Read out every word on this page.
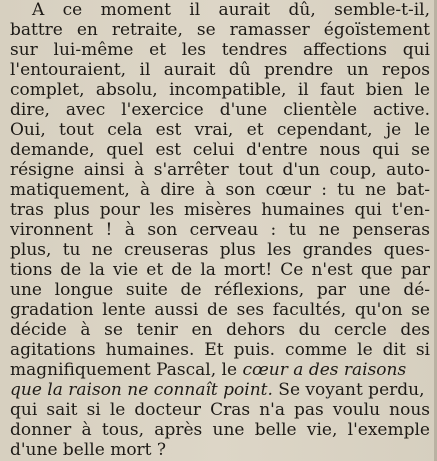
A ce moment il aurait dû, semble-t-il,
battre en retraite, se ramasser égoïstement
sur lui-même et les tendres affections qui
l'entouraient, il aurait dû prendre un repos
complet, absolu, incompatible, il faut bien le
dire, avec l'exercice d'une clientèle active.
Oui, tout cela est vrai, et cependant, je le
demande, quel est celui d'entre nous qui se
résigne ainsi à s'arrêter tout d'un coup, auto-
matiquement, à dire à son cœur : tu ne bat-
tras plus pour les misères humaines qui t'en-
vironnent ! à son cerveau : tu ne penseras
plus, tu ne creuseras plus les grandes ques-
tions de la vie et de la mort! Ce n'est que par
une longue suite de réflexions, par une dé-
gradation lente aussi de ses facultés, qu'on se
décide à se tenir en dehors du cercle des
agitations humaines. Et puis. comme le dit si
magnifiquement Pascal, le cœur a des raisons
que la raison ne connaît point. Se voyant perdu,
qui sait si le docteur Cras n'a pas voulu nous
donner à tous, après une belle vie, l'exemple
d'une belle mort ?
